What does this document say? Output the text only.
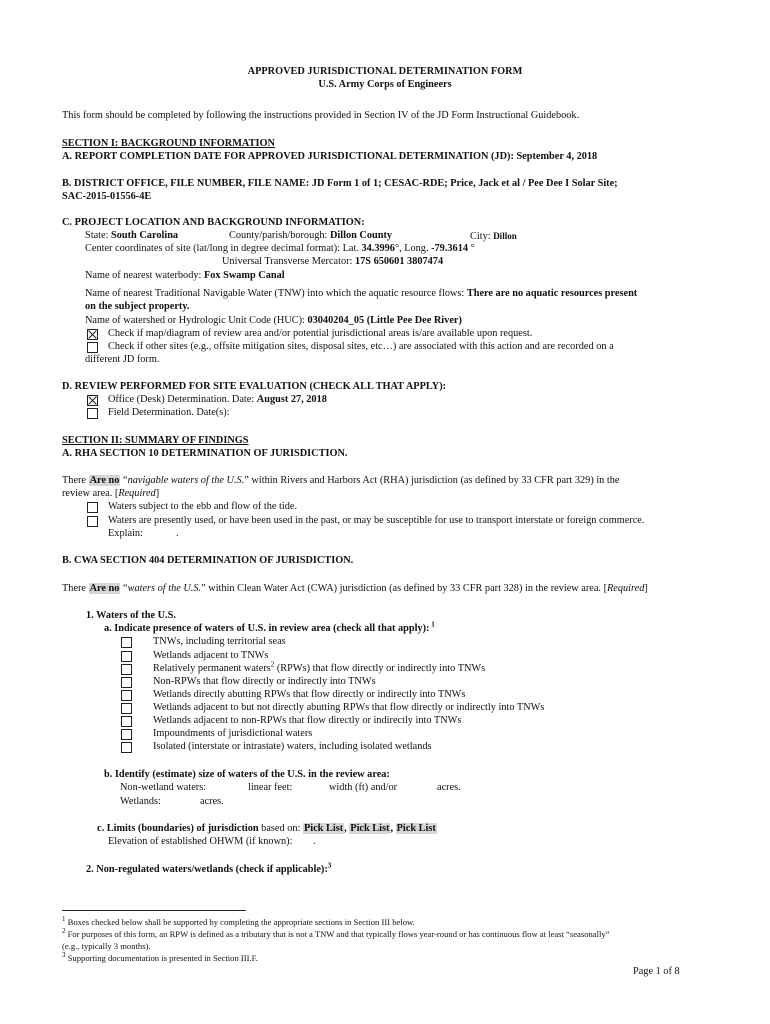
APPROVED JURISDICTIONAL DETERMINATION FORM
U.S. Army Corps of Engineers
This form should be completed by following the instructions provided in Section IV of the JD Form Instructional Guidebook.
SECTION I: BACKGROUND INFORMATION
A. REPORT COMPLETION DATE FOR APPROVED JURISDICTIONAL DETERMINATION (JD): September 4, 2018
B. DISTRICT OFFICE, FILE NUMBER, FILE NAME: JD Form 1 of 1; CESAC-RDE; Price, Jack et al / Pee Dee I Solar Site;
SAC-2015-01556-4E
C. PROJECT LOCATION AND BACKGROUND INFORMATION:
State: South Carolina	County/parish/borough: Dillon County	City: Dillon
Center coordinates of site (lat/long in degree decimal format): Lat. 34.3996°, Long. -79.3614 °
Universal Transverse Mercator: 17S 650601 3807474
Name of nearest waterbody: Fox Swamp Canal
Name of nearest Traditional Navigable Water (TNW) into which the aquatic resource flows: There are no aquatic resources present
on the subject property.
Name of watershed or Hydrologic Unit Code (HUC): 03040204_05 (Little Pee Dee River)
Check if map/diagram of review area and/or potential jurisdictional areas is/are available upon request.
Check if other sites (e.g., offsite mitigation sites, disposal sites, etc…) are associated with this action and are recorded on a
different JD form.
D. REVIEW PERFORMED FOR SITE EVALUATION (CHECK ALL THAT APPLY):
Office (Desk) Determination. Date: August 27, 2018
Field Determination. Date(s):
SECTION II: SUMMARY OF FINDINGS
A. RHA SECTION 10 DETERMINATION OF JURISDICTION.
There Are no “navigable waters of the U.S.” within Rivers and Harbors Act (RHA) jurisdiction (as defined by 33 CFR part 329) in the
review area. [Required]
Waters subject to the ebb and flow of the tide.
Waters are presently used, or have been used in the past, or may be susceptible for use to transport interstate or foreign commerce.
Explain:	.
B. CWA SECTION 404 DETERMINATION OF JURISDICTION.
There Are no “waters of the U.S.” within Clean Water Act (CWA) jurisdiction (as defined by 33 CFR part 328) in the review area. [Required]
1. Waters of the U.S.
a. Indicate presence of waters of U.S. in review area (check all that apply): $^1$
TNWs, including territorial seas
Wetlands adjacent to TNWs
Relatively permanent waters$^2$ (RPWs) that flow directly or indirectly into TNWs
Non-RPWs that flow directly or indirectly into TNWs
Wetlands directly abutting RPWs that flow directly or indirectly into TNWs
Wetlands adjacent to but not directly abutting RPWs that flow directly or indirectly into TNWs
Wetlands adjacent to non-RPWs that flow directly or indirectly into TNWs
Impoundments of jurisdictional waters
Isolated (interstate or intrastate) waters, including isolated wetlands
b. Identify (estimate) size of waters of the U.S. in the review area:
Non-wetland waters:	linear feet:	width (ft) and/or	acres.
Wetlands:	acres.
c. Limits (boundaries) of jurisdiction based on: Pick List, Pick List, Pick List
Elevation of established OHWM (if known): .
2. Non-regulated waters/wetlands (check if applicable):$^3$
$^1$ Boxes checked below shall be supported by completing the appropriate sections in Section III below.
$^2$ For purposes of this form, an RPW is defined as a tributary that is not a TNW and that typically flows year-round or has continuous flow at least “seasonally”
(e.g., typically 3 months).
$^3$ Supporting documentation is presented in Section III.F.
Page 1 of 8
